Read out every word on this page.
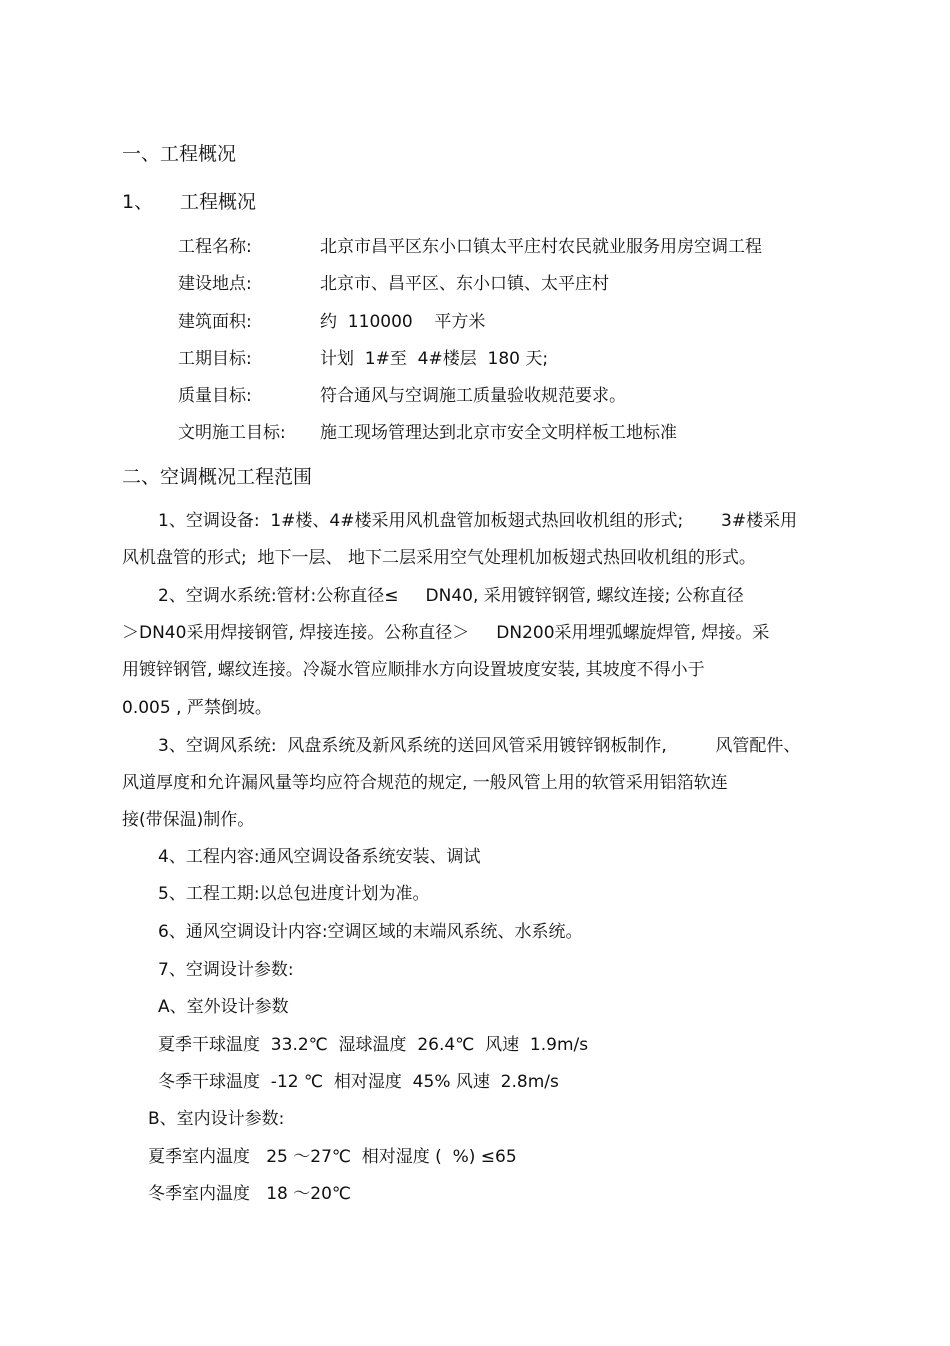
一、工程概况
1、 工程概况
工程名称:	北京市昌平区东小口镇太平庄村农民就业服务用房空调工程
建设地点:	北京市、昌平区、东小口镇、太平庄村
建筑面积:	约  110000    平方米
工期目标:	计划  1#至  4#楼层  180 天;
质量目标:	符合通风与空调施工质量验收规范要求。
文明施工目标: 施工现场管理达到北京市安全文明样板工地标准
二、空调概况工程范围
1、空调设备:  1#楼、4#楼采用风机盘管加板翅式热回收机组的形式;       3#楼采用
风机盘管的形式;  地下一层、 地下二层采用空气处理机加板翅式热回收机组的形式。
2、空调水系统:管材:公称直径≤     DN40, 采用镀锌钢管, 螺纹连接; 公称直径
＞DN40采用焊接钢管, 焊接连接。公称直径＞     DN200采用埋弧螺旋焊管, 焊接。采
用镀锌钢管, 螺纹连接。冷凝水管应顺排水方向设置坡度安装, 其坡度不得小于
0.005 , 严禁倒坡。
3、空调风系统:  风盘系统及新风系统的送回风管采用镀锌钢板制作,         风管配件、
风道厚度和允许漏风量等均应符合规范的规定, 一般风管上用的软管采用铝箔软连
接(带保温)制作。
4、工程内容:通风空调设备系统安装、调试
5、工程工期:以总包进度计划为准。
6、通风空调设计内容:空调区域的末端风系统、水系统。
7、空调设计参数:
A、室外设计参数
夏季干球温度  33.2℃  湿球温度  26.4℃  风速  1.9m/s
冬季干球温度  -12 ℃  相对湿度  45% 风速  2.8m/s
B、室内设计参数:
夏季室内温度   25 ～27℃  相对湿度 (  %) ≤65
冬季室内温度   18 ～20℃
